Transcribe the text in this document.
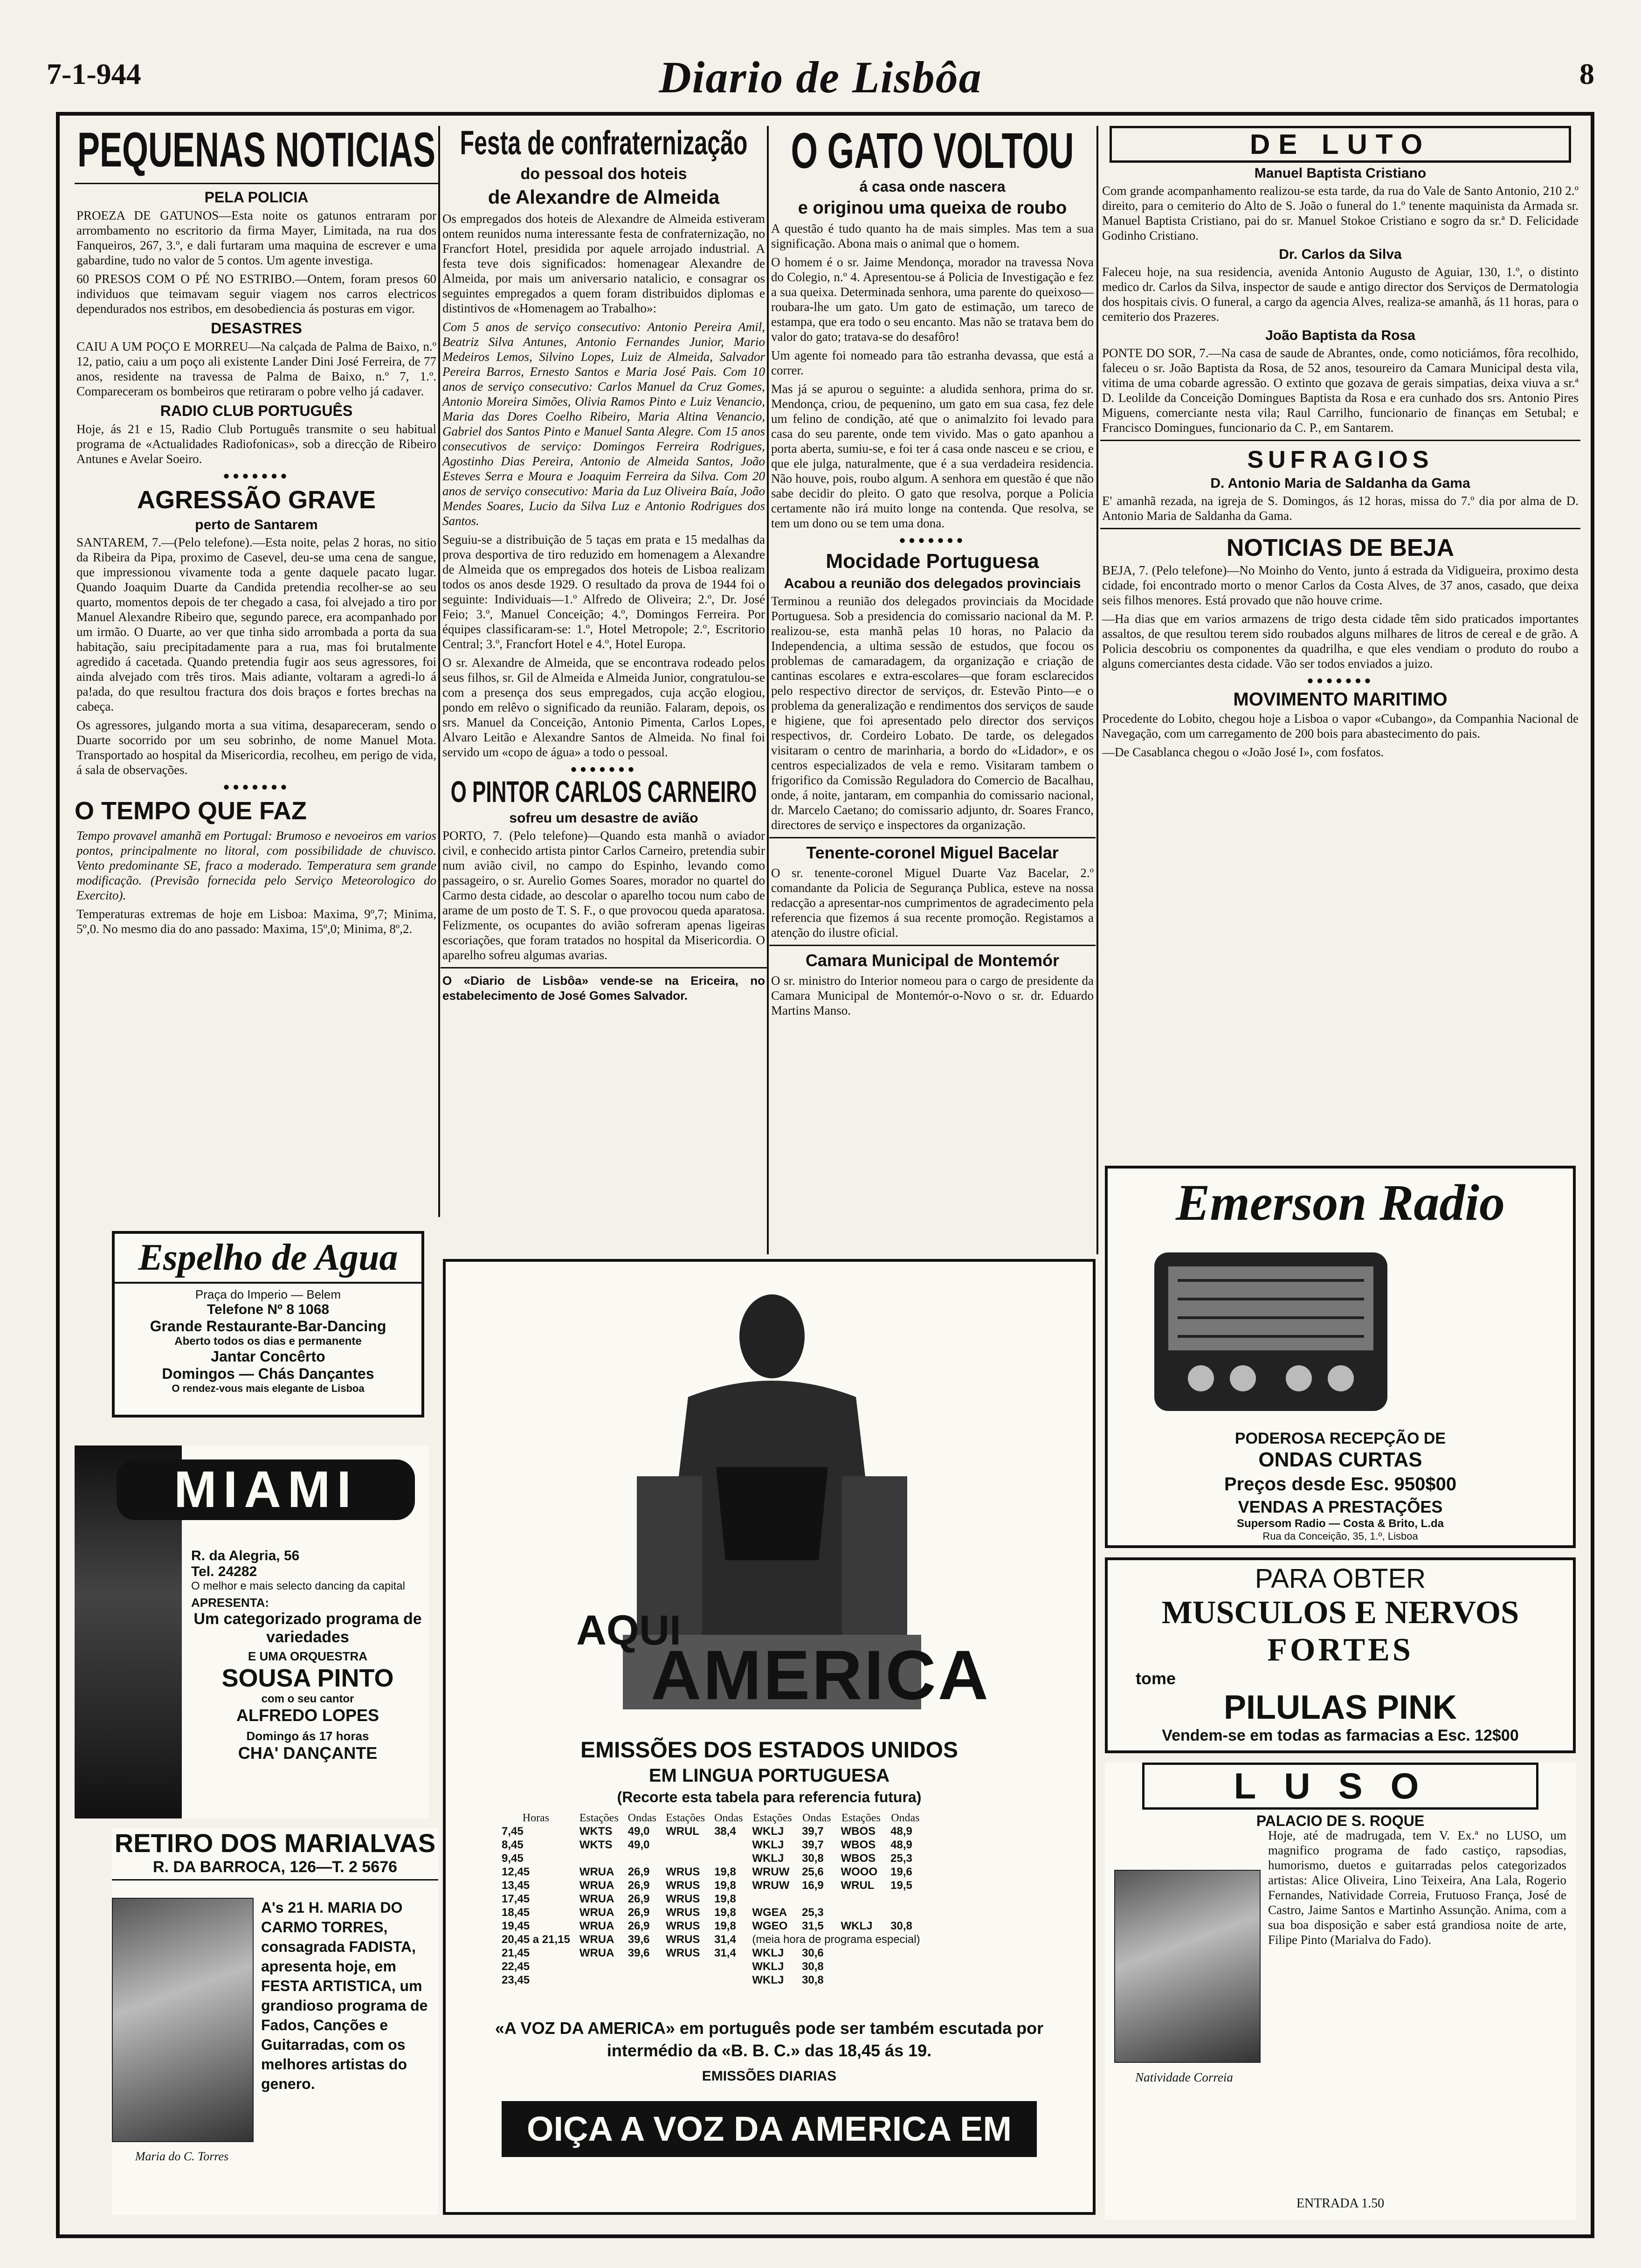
7-1-944	Diario de Lisbôa	8
PEQUENAS NOTICIAS
PELA POLICIA

PROEZA DE GATUNOS—Esta noite os gatunos entraram por arrombamento no escritorio da firma Mayer, Limitada, na rua dos Fanqueiros, 267, 3.º, e dali furtaram uma maquina de escrever e uma gabardine, tudo no valor de 5 contos. Um agente investiga.

60 PRESOS COM O PÉ NO ESTRIBO.—Ontem, foram presos 60 individuos que teimavam seguir viagem nos carros electricos dependurados nos estribos, em desobediencia ás posturas em vigor.

DESASTRES

CAIU A UM POÇO E MORREU—Na calçada de Palma de Baixo, n.º 12, patio, caiu a um poço ali existente Lander Dini José Ferreira, de 77 anos, residente na travessa de Palma de Baixo, n.º 7, 1.º. Compareceram os bombeiros que retiraram o pobre velho já cadaver.

RADIO CLUB PORTUGUÊS

Hoje, ás 21 e 15, Radio Club Português transmite o seu habitual programa de «Actualidades Radiofonicas», sob a direcção de Ribeiro Antunes e Avelar Soeiro.

●●●●●●●
AGRESSÃO GRAVE
perto de Santarem

SANTAREM, 7.—(Pelo telefone).—Esta noite, pelas 2 horas, no sitio da Ribeira da Pipa, proximo de Casevel, deu-se uma cena de sangue, que impressionou vivamente toda a gente daquele pacato lugar. Quando Joaquim Duarte da Candida pretendia recolher-se ao seu quarto, momentos depois de ter chegado a casa, foi alvejado a tiro por Manuel Alexandre Ribeiro que, segundo parece, era acompanhado por um irmão. O Duarte, ao ver que tinha sido arrombada a porta da sua habitação, saiu precipitadamente para a rua, mas foi brutalmente agredido á cacetada. Quando pretendia fugir aos seus agressores, foi ainda alvejado com três tiros. Mais adiante, voltaram a agredi-lo á pa!ada, do que resultou fractura dos dois braços e fortes brechas na cabeça.

Os agressores, julgando morta a sua vitima, desapareceram, sendo o Duarte socorrido por um seu sobrinho, de nome Manuel Mota. Transportado ao hospital da Misericordia, recolheu, em perigo de vida, á sala de observações.

●●●●●●●
O TEMPO QUE FAZ

Tempo provavel amanhã em Portugal: Brumoso e nevoeiros em varios pontos, principalmente no litoral, com possibilidade de chuvisco. Vento predominante SE, fraco a moderado. Temperatura sem grande modificação. (Previsão fornecida pelo Serviço Meteorologico do Exercito).

Temperaturas extremas de hoje em Lisboa: Maxima, 9º,7; Minima, 5º,0. No mesmo dia do ano passado: Maxima, 15º,0; Minima, 8º,2.

Festa de confraternização
do pessoal dos hoteis
de Alexandre de Almeida

Os empregados dos hoteis de Alexandre de Almeida estiveram ontem reunidos numa interessante festa de confraternização, no Francfort Hotel, presidida por aquele arrojado industrial. A festa teve dois significados: homenagear Alexandre de Almeida, por mais um aniversario natalicio, e consagrar os seguintes empregados a quem foram distribuidos diplomas e distintivos de «Homenagem ao Trabalho»:

Com 5 anos de serviço consecutivo: Antonio Pereira Amil, Beatriz Silva Antunes, Antonio Fernandes Junior, Mario Medeiros Lemos, Silvino Lopes, Luiz de Almeida, Salvador Pereira Barros, Ernesto Santos e Maria José Pais. Com 10 anos de serviço consecutivo: Carlos Manuel da Cruz Gomes, Antonio Moreira Simões, Olivia Ramos Pinto e Luiz Venancio, Maria das Dores Coelho Ribeiro, Maria Altina Venancio, Gabriel dos Santos Pinto e Manuel Santa Alegre. Com 15 anos consecutivos de serviço: Domingos Ferreira Rodrigues, Agostinho Dias Pereira, Antonio de Almeida Santos, João Esteves Serra e Moura e Joaquim Ferreira da Silva. Com 20 anos de serviço consecutivo: Maria da Luz Oliveira Baía, João Mendes Soares, Lucio da Silva Luz e Antonio Rodrigues dos Santos.

Seguiu-se a distribuição de 5 taças em prata e 15 medalhas da prova desportiva de tiro reduzido em homenagem a Alexandre de Almeida que os empregados dos hoteis de Lisboa realizam todos os anos desde 1929. O resultado da prova de 1944 foi o seguinte: Individuais—1.º Alfredo de Oliveira; 2.º, Dr. José Feio; 3.º, Manuel Conceição; 4.º, Domingos Ferreira. Por équipes classificaram-se: 1.º, Hotel Metropole; 2.º, Escritorio Central; 3.º, Francfort Hotel e 4.º, Hotel Europa.

O sr. Alexandre de Almeida, que se encontrava rodeado pelos seus filhos, sr. Gil de Almeida e Almeida Junior, congratulou-se com a presença dos seus empregados, cuja acção elogiou, pondo em relêvo o significado da reunião. Falaram, depois, os srs. Manuel da Conceição, Antonio Pimenta, Carlos Lopes, Alvaro Leitão e Alexandre Santos de Almeida. No final foi servido um «copo de água» a todo o pessoal.

●●●●●●●
O PINTOR CARLOS CARNEIRO
sofreu um desastre de avião

PORTO, 7. (Pelo telefone)—Quando esta manhã o aviador civil, e conhecido artista pintor Carlos Carneiro, pretendia subir num avião civil, no campo do Espinho, levando como passageiro, o sr. Aurelio Gomes Soares, morador no quartel do Carmo desta cidade, ao descolar o aparelho tocou num cabo de arame de um posto de T. S. F., o que provocou queda aparatosa. Felizmente, os ocupantes do avião sofreram apenas ligeiras escoriações, que foram tratados no hospital da Misericordia. O aparelho sofreu algumas avarias.

O «Diario de Lisbôa» vende-se na Ericeira, no estabelecimento de José Gomes Salvador.

O GATO VOLTOU
á casa onde nascera
e originou uma queixa de roubo

A questão é tudo quanto ha de mais simples. Mas tem a sua significação. Abona mais o animal que o homem.

O homem é o sr. Jaime Mendonça, morador na travessa Nova do Colegio, n.º 4. Apresentou-se á Policia de Investigação e fez a sua queixa. Determinada senhora, uma parente do queixoso—roubara-lhe um gato. Um gato de estimação, um tareco de estampa, que era todo o seu encanto. Mas não se tratava bem do valor do gato; tratava-se do desafôro!

Um agente foi nomeado para tão estranha devassa, que está a correr.

Mas já se apurou o seguinte: a aludida senhora, prima do sr. Mendonça, criou, de pequenino, um gato em sua casa, fez dele um felino de condição, até que o animalzito foi levado para casa do seu parente, onde tem vivido. Mas o gato apanhou a porta aberta, sumiu-se, e foi ter á casa onde nasceu e se criou, e que ele julga, naturalmente, que é a sua verdadeira residencia. Não houve, pois, roubo algum. A senhora em questão é que não sabe decidir do pleito. O gato que resolva, porque a Policia certamente não irá muito longe na contenda. Que resolva, se tem um dono ou se tem uma dona.

●●●●●●●
Mocidade Portuguesa
Acabou a reunião dos delegados provinciais

Terminou a reunião dos delegados provinciais da Mocidade Portuguesa. Sob a presidencia do comissario nacional da M. P. realizou-se, esta manhã pelas 10 horas, no Palacio da Independencia, a ultima sessão de estudos, que focou os problemas de camaradagem, da organização e criação de cantinas escolares e extra-escolares—que foram esclarecidos pelo respectivo director de serviços, dr. Estevão Pinto—e o problema da generalização e rendimentos dos serviços de saude e higiene, que foi apresentado pelo director dos serviços respectivos, dr. Cordeiro Lobato. De tarde, os delegados visitaram o centro de marinharia, a bordo do «Lidador», e os centros especializados de vela e remo. Visitaram tambem o frigorifico da Comissão Reguladora do Comercio de Bacalhau, onde, á noite, jantaram, em companhia do comissario nacional, dr. Marcelo Caetano; do comissario adjunto, dr. Soares Franco, directores de serviço e inspectores da organização.

Tenente-coronel Miguel Bacelar

O sr. tenente-coronel Miguel Duarte Vaz Bacelar, 2.º comandante da Policia de Segurança Publica, esteve na nossa redacção a apresentar-nos cumprimentos de agradecimento pela referencia que fizemos á sua recente promoção. Registamos a atenção do ilustre oficial.

Camara Municipal de Montemór

O sr. ministro do Interior nomeou para o cargo de presidente da Camara Municipal de Montemór-o-Novo o sr. dr. Eduardo Martins Manso.

DE LUTO
Manuel Baptista Cristiano

Com grande acompanhamento realizou-se esta tarde, da rua do Vale de Santo Antonio, 210 2.º direito, para o cemiterio do Alto de S. João o funeral do 1.º tenente maquinista da Armada sr. Manuel Baptista Cristiano, pai do sr. Manuel Stokoe Cristiano e sogro da sr.ª D. Felicidade Godinho Cristiano.

Dr. Carlos da Silva

Faleceu hoje, na sua residencia, avenida Antonio Augusto de Aguiar, 130, 1.º, o distinto medico dr. Carlos da Silva, inspector de saude e antigo director dos Serviços de Dermatologia dos hospitais civis. O funeral, a cargo da agencia Alves, realiza-se amanhã, ás 11 horas, para o cemiterio dos Prazeres.

João Baptista da Rosa

PONTE DO SOR, 7.—Na casa de saude de Abrantes, onde, como noticiámos, fôra recolhido, faleceu o sr. João Baptista da Rosa, de 52 anos, tesoureiro da Camara Municipal desta vila, vitima de uma cobarde agressão. O extinto que gozava de gerais simpatias, deixa viuva a sr.ª D. Leolilde da Conceição Domingues Baptista da Rosa e era cunhado dos srs. Antonio Pires Miguens, comerciante nesta vila; Raul Carrilho, funcionario de finanças em Setubal; e Francisco Domingues, funcionario da C. P., em Santarem.

SUFRAGIOS
D. Antonio Maria de Saldanha da Gama

E' amanhã rezada, na igreja de S. Domingos, ás 12 horas, missa do 7.º dia por alma de D. Antonio Maria de Saldanha da Gama.

NOTICIAS DE BEJA

BEJA, 7. (Pelo telefone)—No Moinho do Vento, junto á estrada da Vidigueira, proximo desta cidade, foi encontrado morto o menor Carlos da Costa Alves, de 37 anos, casado, que deixa seis filhos menores. Está provado que não houve crime.

—Ha dias que em varios armazens de trigo desta cidade têm sido praticados importantes assaltos, de que resultou terem sido roubados alguns milhares de litros de cereal e de grão. A Policia descobriu os componentes da quadrilha, e que eles vendiam o produto do roubo a alguns comerciantes desta cidade. Vão ser todos enviados a juizo.

●●●●●●●
MOVIMENTO MARITIMO

Procedente do Lobito, chegou hoje a Lisboa o vapor «Cubango», da Companhia Nacional de Navegação, com um carregamento de 200 bois para abastecimento do pais.

—De Casablanca chegou o «João José I», com fosfatos.

Espelho de Agua
Praça do Imperio — Belem
Telefone Nº 8 1068
Grande Restaurante-Bar-Dancing
Aberto todos os dias e permanente
Jantar Concêrto
Domingos — Chás Dançantes
O rendez-vous mais elegante de Lisboa
MIAMI
R. da Alegria, 56
Tel. 24282
O melhor e mais selecto dancing da capital
APRESENTA:
Um categorizado programa de variedades
E UMA ORQUESTRA
SOUSA PINTO
com o seu cantor
ALFREDO LOPES
Domingo ás 17 horas
CHA' DANÇANTE
RETIRO DOS MARIALVAS
R. DA BARROCA, 126—T. 2 5676
Maria do C. Torres
A's 21 H. MARIA DO CARMO TORRES, consagrada FADISTA, apresenta hoje, em FESTA ARTISTICA, um grandioso programa de Fados, Canções e Guitarradas, com os melhores artistas do genero.
AQUI
AMERICA
EMISSÕES DOS ESTADOS UNIDOS
EM LINGUA PORTUGUESA
(Recorte esta tabela para referencia futura)
Horas	Estações	Ondas	Estações	Ondas	Estações	Ondas	Estações	Ondas
7,45	WKTS	49,0	WRUL	38,4	WKLJ	39,7	WBOS	48,9
8,45	WKTS	49,0			WKLJ	39,7	WBOS	48,9
9,45					WKLJ	30,8	WBOS	25,3
12,45	WRUA	26,9	WRUS	19,8	WRUW	25,6	WOOO	19,6
13,45	WRUA	26,9	WRUS	19,8	WRUW	16,9	WRUL	19,5
17,45	WRUA	26,9	WRUS	19,8				
18,45	WRUA	26,9	WRUS	19,8	WGEA	25,3		
19,45	WRUA	26,9	WRUS	19,8	WGEO	31,5	WKLJ	30,8
20,45 a 21,15	WRUA	39,6	WRUS	31,4	(meia hora de programa especial)			
21,45	WRUA	39,6	WRUS	31,4	WKLJ	30,6		
22,45					WKLJ	30,8		
23,45					WKLJ	30,8		
«A VOZ DA AMERICA» em português pode ser também escutada por intermédio da «B. B. C.» das 18,45 ás 19.
EMISSÕES DIARIAS
OIÇA A VOZ DA AMERICA EM MARCHA
Emerson Radio
PODEROSA RECEPÇÃO DE
ONDAS CURTAS
Preços desde Esc. 950$00
VENDAS A PRESTAÇÕES
Supersom Radio — Costa & Brito, L.da
Rua da Conceição, 35, 1.º, Lisboa
PARA OBTER
MUSCULOS E NERVOS
FORTES
tome
PILULAS PINK
Vendem-se em todas as farmacias a Esc. 12$00
LUSO
PALACIO DE S. ROQUE
Natividade Correia
Hoje, até de madrugada, tem V. Ex.ª no LUSO, um magnifico programa de fado castiço, rapsodias, humorismo, duetos e guitarradas pelos categorizados artistas: Alice Oliveira, Lino Teixeira, Ana Lala, Rogerio Fernandes, Natividade Correia, Frutuoso França, José de Castro, Jaime Santos e Martinho Assunção. Anima, com a sua boa disposição e saber está grandiosa noite de arte, Filipe Pinto (Marialva do Fado).
ENTRADA 1.50
